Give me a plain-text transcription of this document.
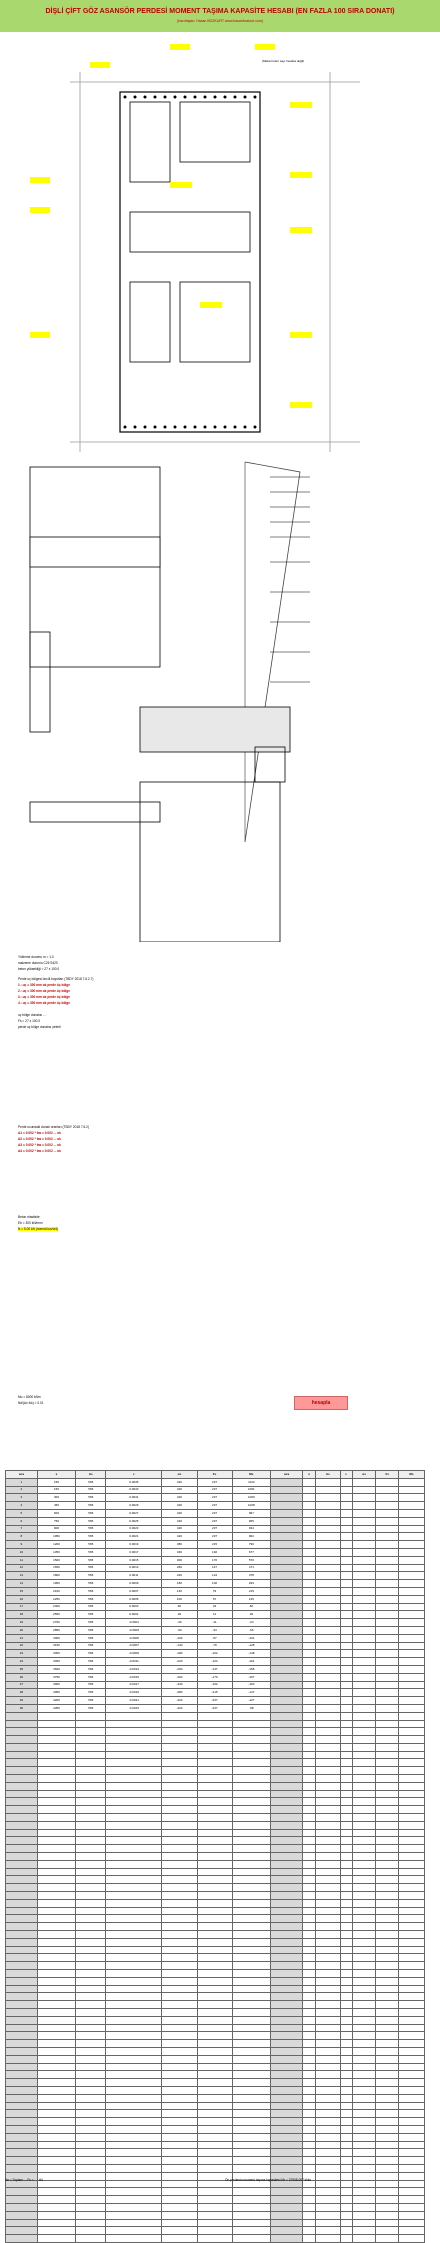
DİŞLİ ÇİFT GÖZ ASANSÖR PERDESİ MOMENT TAŞIMA KAPASİTE HESABI (EN FAZLA 100 SIRA DONATI)
(hazırlayan: Hasan BOZKURT www.hasanbozkurt.com)
(Mükerrerleri sayı hesaba değil)
Yükleme durumu m = 1.0
malzeme durumu C25 S420
beton yüksekliği = 27 x 100.0
Perde uç bölgesi öncül boyutları (TBDY 2018 7.6.2.7)
1.: uç = 300 mm ok perde üç bölge
2.: uç = 300 mm ok perde üç bölge
3.: uç = 300 mm ok perde üç bölge
4.: uç = 300 mm ok perde üç bölge
uç bölge donatısı ...
Fs = 27 x 100.0
perde uç bölge donatısı yeterli
Perde ucundaki donatı oranları (TBDY 2018 7.6.2)
A1 = 0.002 * bw = 0.002 ... ok
A2 = 0.002 * bw = 0.002 ... ok
A3 = 0.002 * bw = 0.002 ... ok
A4 = 0.002 * bw = 0.002 ... ok
Beton elastisite
Eb = 300 kN/mm²
N = 5.00 kN (normal kuvvet)
Mu = 8000 kNm
Nd/(Ac fck) = 0.01	hesapla
sıra	x	As	ε	σs	Fs	Ms	sıra	x	As	ε	σs	Fs	Ms
1	150	565	0.0035	420	237	1123							
2	150	565	0.0033	420	237	1091							
3	300	565	0.0031	420	237	1060							
4	450	565	0.0029	420	237	1028							
5	600	565	0.0027	420	237	997							
6	750	565	0.0025	420	237	965							
7	900	565	0.0023	420	237	934							
8	1050	565	0.0021	420	237	902							
9	1200	565	0.0019	380	215	790							
10	1350	565	0.0017	340	192	677							
11	1500	565	0.0015	300	170	570							
12	1650	565	0.0013	260	147	471							
13	1800	565	0.0011	220	124	378							
14	1950	565	0.0009	180	102	293							
15	2100	565	0.0007	140	79	215							
16	2250	565	0.0005	100	57	145							
17	2400	565	0.0003	60	34	82							
18	2550	565	0.0001	20	11	26							
19	2700	565	-0.0001	-20	-11	-24							
20	2850	565	-0.0003	-60	-34	-66							
21	3000	565	-0.0005	-100	-57	-101							
22	3150	565	-0.0007	-140	-79	-128							
23	3300	565	-0.0009	-180	-102	-148							
24	3450	565	-0.0011	-220	-124	-161							
25	3600	565	-0.0013	-260	-147	-168							
26	3750	565	-0.0015	-300	-170	-167							
27	3900	565	-0.0017	-340	-192	-160							
28	4050	565	-0.0019	-380	-215	-147							
29	4200	565	-0.0021	-420	-237	-127							
30	4350	565	-0.0023	-420	-237	-98							

Ne = Toplam ... Fs = .... kN	Ön perdenin moment taşıma kapasitesi Mr = 37908.067 kNm
